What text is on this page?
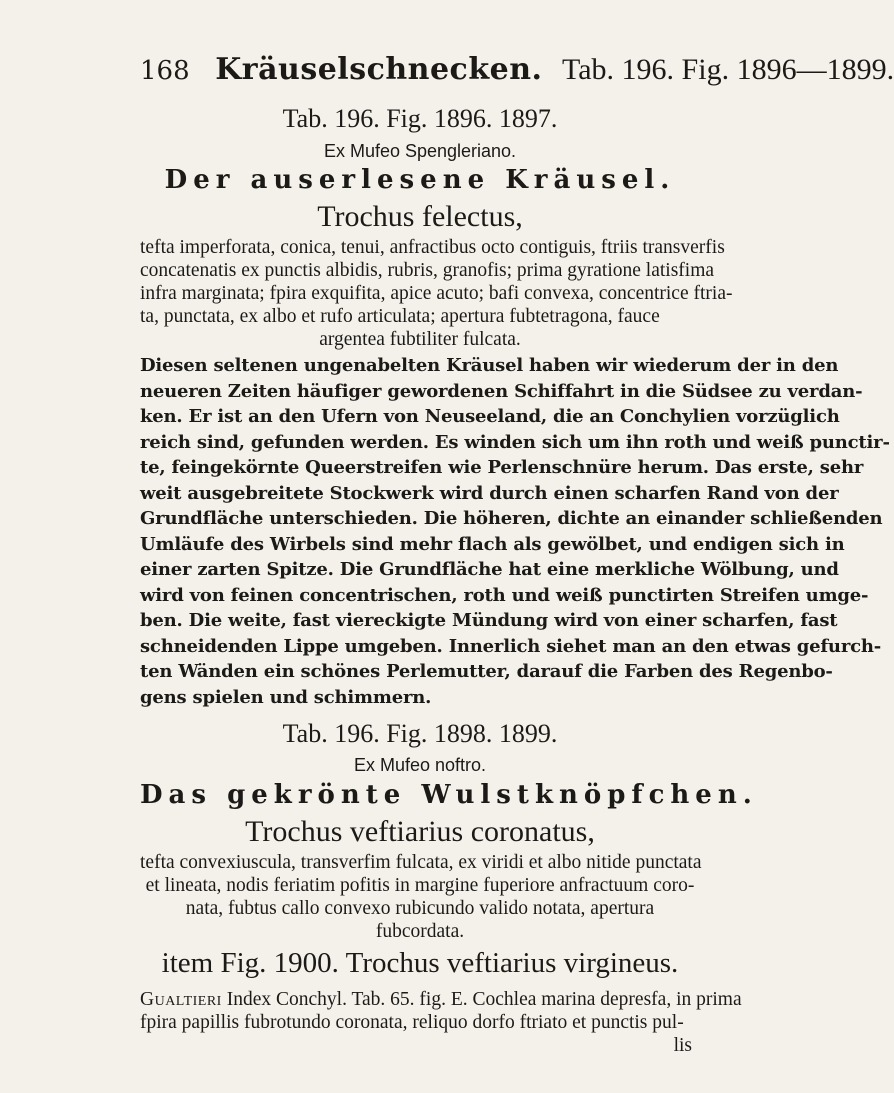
168 Kräuselschnecken. Tab. 196. Fig. 1896—1899.
Tab. 196. Fig. 1896. 1897.
Ex Mufeo Spengleriano.
Der auserlesene Kräusel.
Trochus felectus,
tefta imperforata, conica, tenui, anfractibus octo contiguis, ftriis transverfis
concatenatis ex punctis albidis, rubris, granofis; prima gyratione latisfima
infra marginata; fpira exquifita, apice acuto; bafi convexa, concentrice ftria-
ta, punctata, ex albo et rufo articulata; apertura fubtetragona, fauce
argentea fubtiliter fulcata.
Diesen seltenen ungenabelten Kräusel haben wir wiederum der in den
neueren Zeiten häufiger gewordenen Schiffahrt in die Südsee zu verdan-
ken. Er ist an den Ufern von Neuseeland, die an Conchylien vorzüglich
reich sind, gefunden werden. Es winden sich um ihn roth und weiß punctir-
te, feingekörnte Queerstreifen wie Perlenschnüre herum. Das erste, sehr
weit ausgebreitete Stockwerk wird durch einen scharfen Rand von der
Grundfläche unterschieden. Die höheren, dichte an einander schließenden
Umläufe des Wirbels sind mehr flach als gewölbet, und endigen sich in
einer zarten Spitze. Die Grundfläche hat eine merkliche Wölbung, und
wird von feinen concentrischen, roth und weiß punctirten Streifen umge-
ben. Die weite, fast viereckigte Mündung wird von einer scharfen, fast
schneidenden Lippe umgeben. Innerlich siehet man an den etwas gefurch-
ten Wänden ein schönes Perlemutter, darauf die Farben des Regenbo-
gens spielen und schimmern.
Tab. 196. Fig. 1898. 1899.
Ex Mufeo noftro.
Das gekrönte Wulstknöpfchen.
Trochus veftiarius coronatus,
tefta convexiuscula, transverfim fulcata, ex viridi et albo nitide punctata
et lineata, nodis feriatim pofitis in margine fuperiore anfractuum coro-
nata, fubtus callo convexo rubicundo valido notata, apertura
fubcordata.
item Fig. 1900. Trochus veftiarius virgineus.
Gualtieri Index Conchyl. Tab. 65. fig. E. Cochlea marina depresfa, in prima
fpira papillis fubrotundo coronata, reliquo dorfo ftriato et punctis pul-
lis
